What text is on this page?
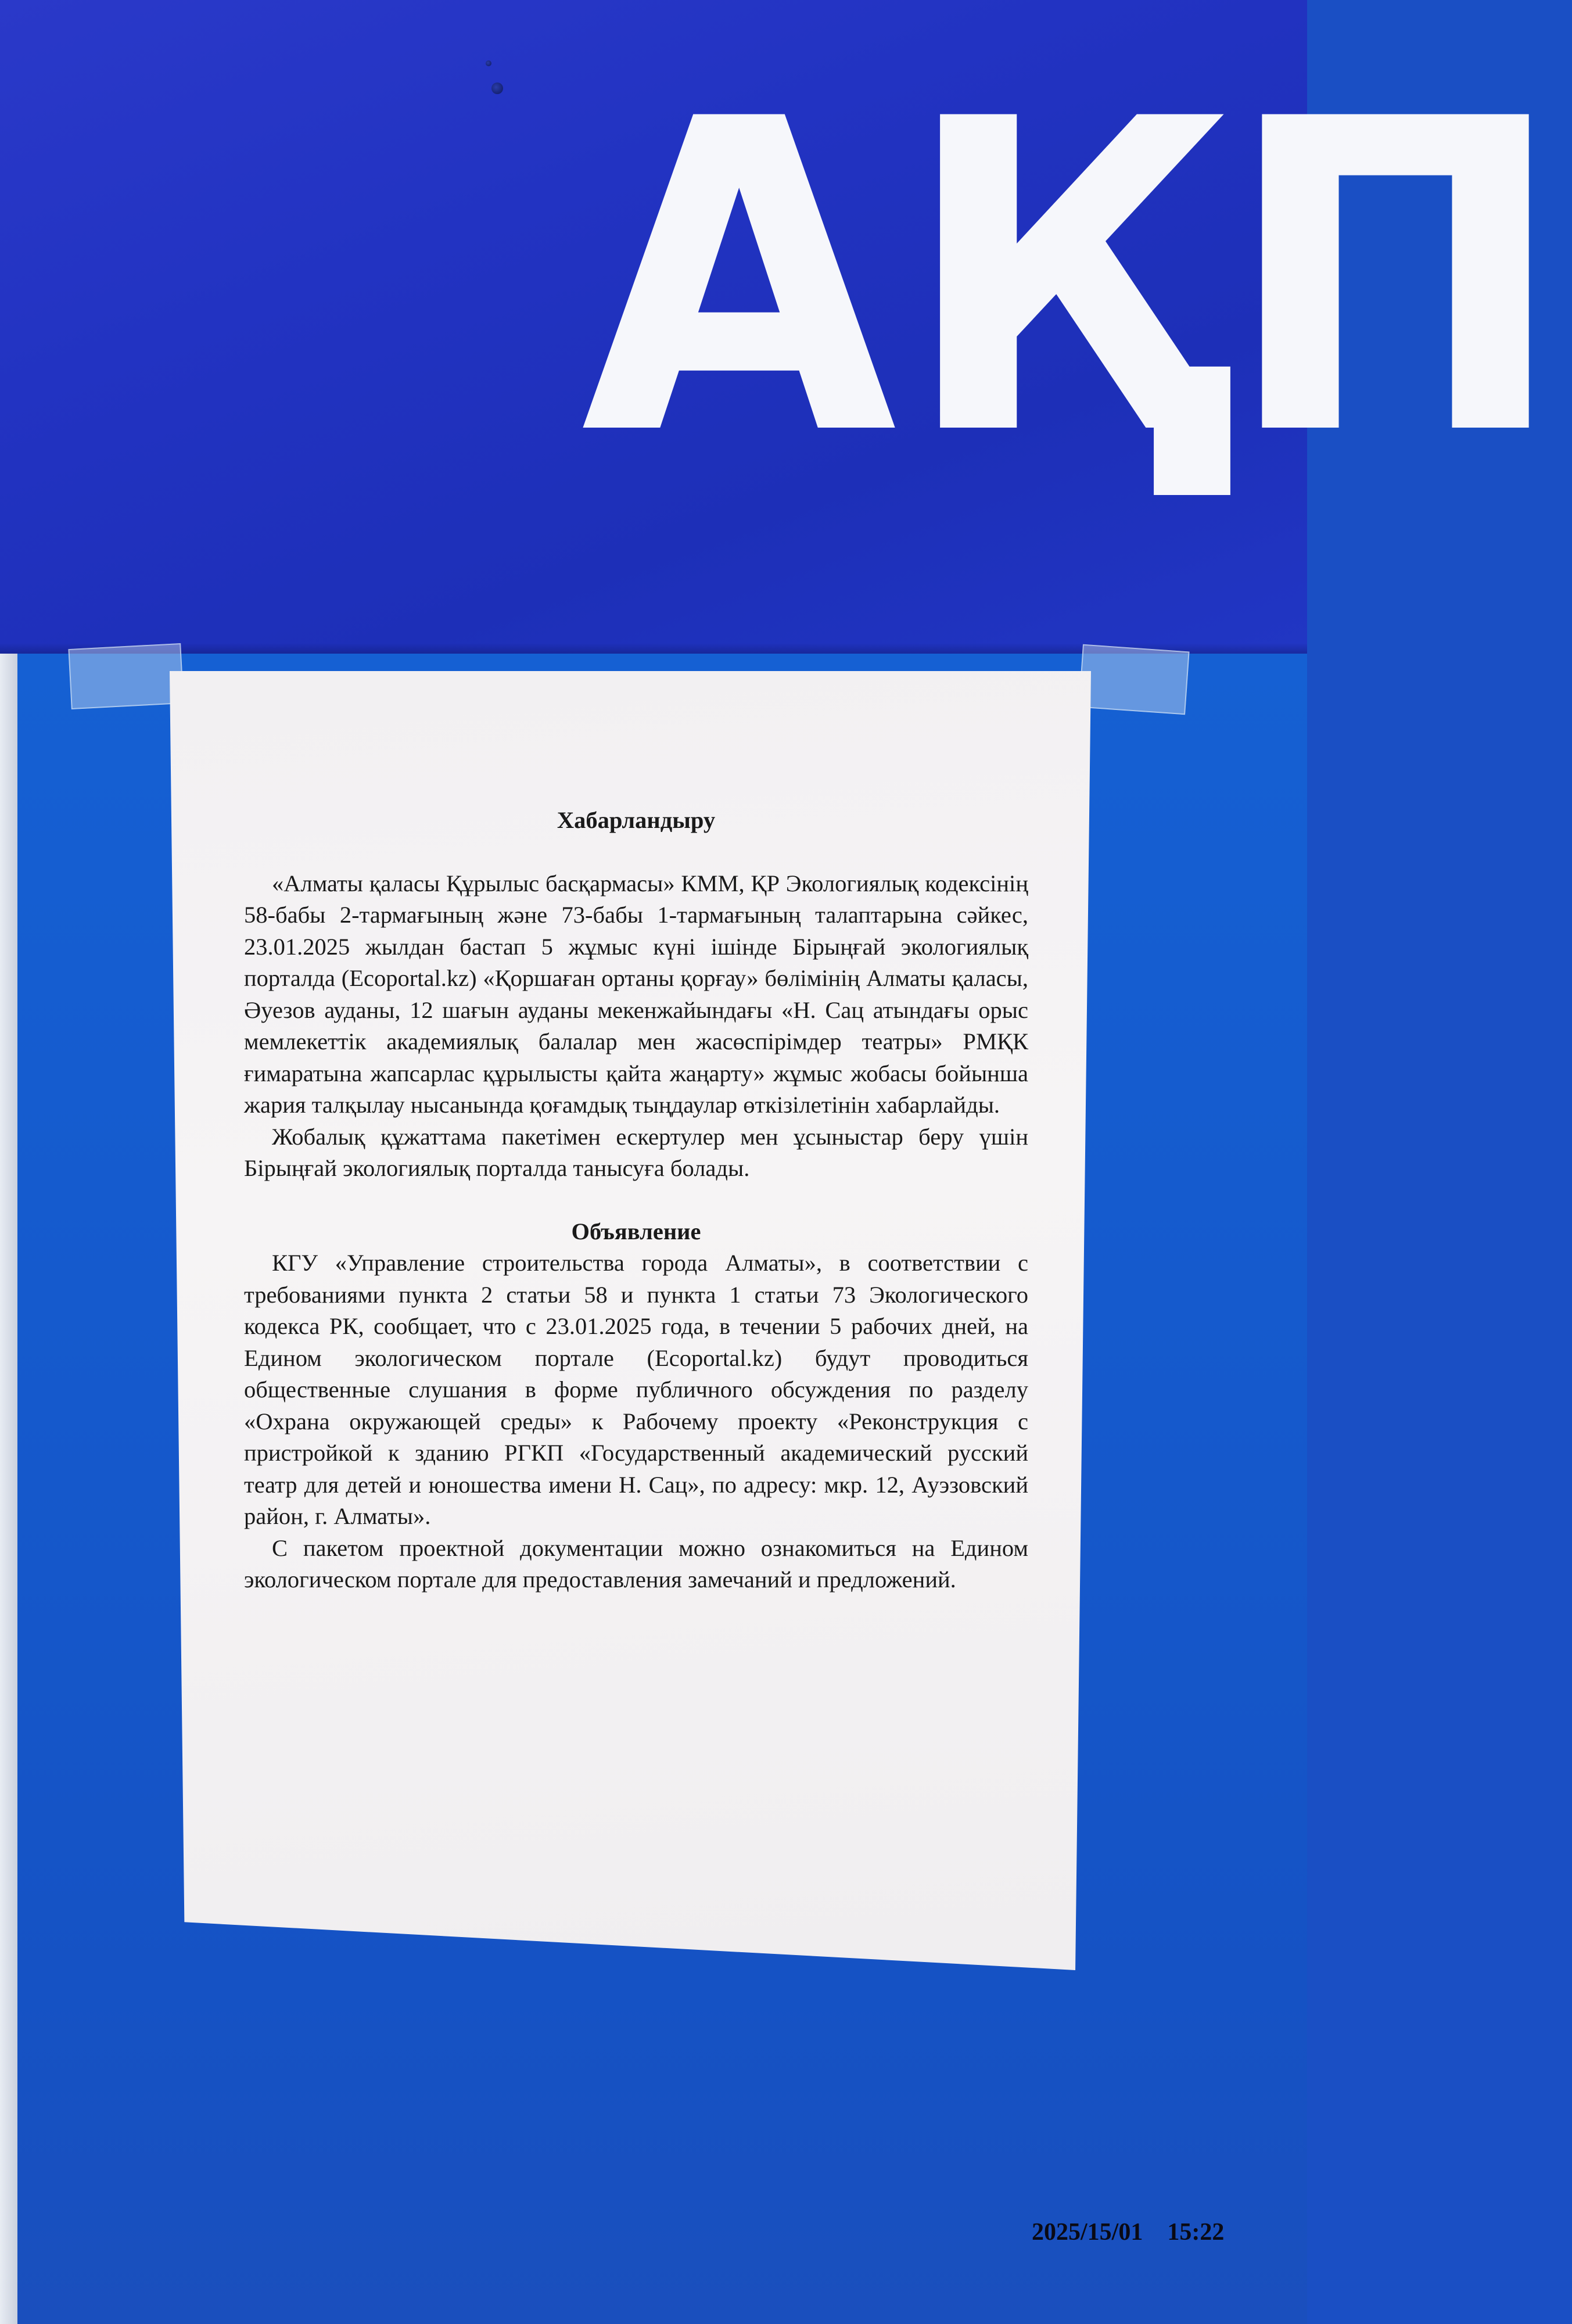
АҚП

Хабарландыру

«Алматы қаласы Құрылыс басқармасы» КММ, ҚР Экологиялық кодексінің 58-бабы 2-тармағының және 73-бабы 1-тармағының талаптарына сәйкес, 23.01.2025 жылдан бастап 5 жұмыс күні ішінде Бірыңғай экологиялық порталда (Ecoportal.kz) «Қоршаған ортаны қорғау» бөлімінің Алматы қаласы, Әуезов ауданы, 12 шағын ауданы мекенжайындағы «Н. Сац атындағы орыс мемлекеттік академиялық балалар мен жасөспірімдер театры» РМҚК ғимаратына жапсарлас құрылысты қайта жаңарту» жұмыс жобасы бойынша жария талқылау нысанында қоғамдық тыңдаулар өткізілетінін хабарлайды.

Жобалық құжаттама пакетімен ескертулер мен ұсыныстар беру үшін Бірыңғай экологиялық порталда танысуға болады.

Объявление

КГУ «Управление строительства города Алматы», в соответствии с требованиями пункта 2 статьи 58 и пункта 1 статьи 73 Экологического кодекса РК, сообщает, что с 23.01.2025 года, в течении 5 рабочих дней, на Едином экологическом портале (Ecoportal.kz) будут проводиться общественные слушания в форме публичного обсуждения по разделу «Охрана окружающей среды» к Рабочему проекту «Реконструкция с пристройкой к зданию РГКП «Государственный академический русский театр для детей и юношества имени Н. Сац», по адресу: мкр. 12, Ауэзовский район, г. Алматы».

С пакетом проектной документации можно ознакомиться на Едином экологическом портале для предоставления замечаний и предложений.

2025/15/01    15:22
